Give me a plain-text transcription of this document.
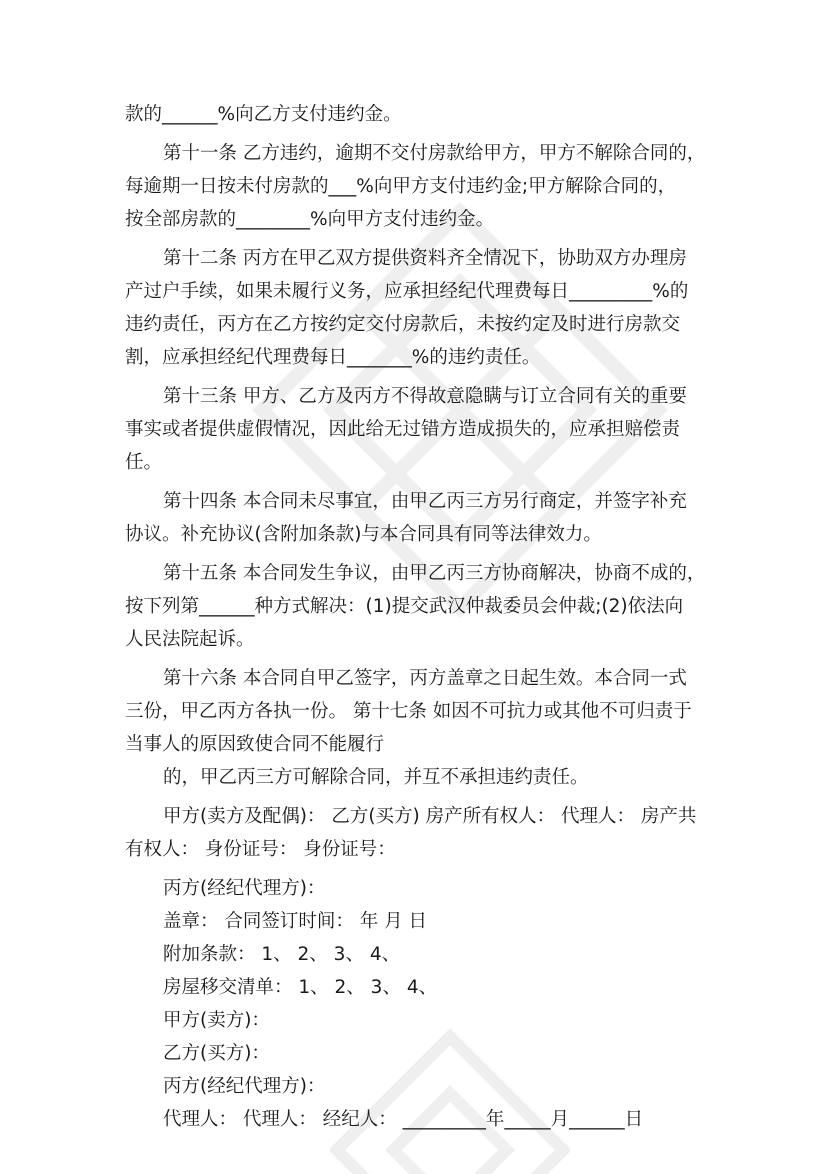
款的______%向乙方支付违约金。
第十一条 乙方违约，逾期不交付房款给甲方，甲方不解除合同的，
每逾期一日按未付房款的___%向甲方支付违约金;甲方解除合同的，
按全部房款的________%向甲方支付违约金。
第十二条 丙方在甲乙双方提供资料齐全情况下，协助双方办理房
产过户手续，如果未履行义务，应承担经纪代理费每日_________%的
违约责任，丙方在乙方按约定交付房款后，未按约定及时进行房款交
割，应承担经纪代理费每日_______%的违约责任。
第十三条 甲方、乙方及丙方不得故意隐瞒与订立合同有关的重要
事实或者提供虚假情况，因此给无过错方造成损失的，应承担赔偿责
任。
第十四条 本合同未尽事宜，由甲乙丙三方另行商定，并签字补充
协议。补充协议(含附加条款)与本合同具有同等法律效力。
第十五条 本合同发生争议，由甲乙丙三方协商解决，协商不成的，
按下列第______种方式解决：(1)提交武汉仲裁委员会仲裁;(2)依法向
人民法院起诉。
第十六条 本合同自甲乙签字，丙方盖章之日起生效。本合同一式
三份，甲乙丙方各执一份。 第十七条 如因不可抗力或其他不可归责于
当事人的原因致使合同不能履行
的，甲乙丙三方可解除合同，并互不承担违约责任。
甲方(卖方及配偶)： 乙方(买方) 房产所有权人： 代理人： 房产共
有权人： 身份证号： 身份证号：
丙方(经纪代理方)：
盖章： 合同签订时间： 年 月 日
附加条款： 1、 2、 3、 4、
房屋移交清单： 1、 2、 3、 4、
甲方(卖方)：
乙方(买方)：
丙方(经纪代理方)：
代理人： 代理人： 经纪人： _________年_____月______日
